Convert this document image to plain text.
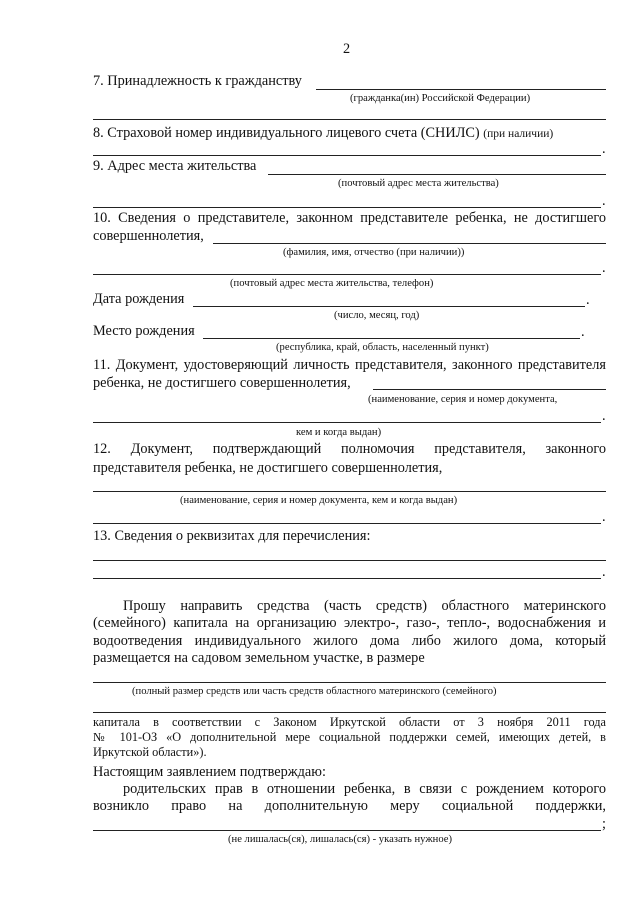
2
7. Принадлежность к гражданству
(гражданка(ин) Российской Федерации)
8. Страховой номер индивидуального лицевого счета (СНИЛС) (при наличии)
.
9. Адрес места жительства
(почтовый адрес места жительства)
.
10. Сведения о представителе, законном представителе ребенка, не достигшего
совершеннолетия,
(фамилия, имя, отчество (при наличии))
.
(почтовый адрес места жительства, телефон)
Дата рождения	.
(число, месяц, год)
Место рождения	.
(республика, край, область, населенный пункт)
11. Документ, удостоверяющий личность представителя, законного представителя
ребенка, не достигшего совершеннолетия,
(наименование, серия и номер документа,
.
кем и когда выдан)
12. Документ, подтверждающий полномочия представителя, законного
представителя ребенка, не достигшего совершеннолетия,
(наименование, серия и номер документа, кем и когда выдан)
.
13. Сведения о реквизитах для перечисления:
.
Прошу направить средства (часть средств) областного материнского
(семейного) капитала на организацию электро-, газо-, тепло-, водоснабжения и
водоотведения индивидуального жилого дома либо жилого дома, который
размещается на садовом земельном участке, в размере
(полный размер средств или часть средств областного материнского (семейного)
капитала в соответствии с Законом Иркутской области от 3 ноября 2011 года
№ 101-ОЗ «О дополнительной мере социальной поддержки семей, имеющих детей, в
Иркутской области»).
Настоящим заявлением подтверждаю:
родительских прав в отношении ребенка, в связи с рождением которого
возникло право на дополнительную меру социальной поддержки,
;
(не лишалась(ся), лишалась(ся) - указать нужное)
